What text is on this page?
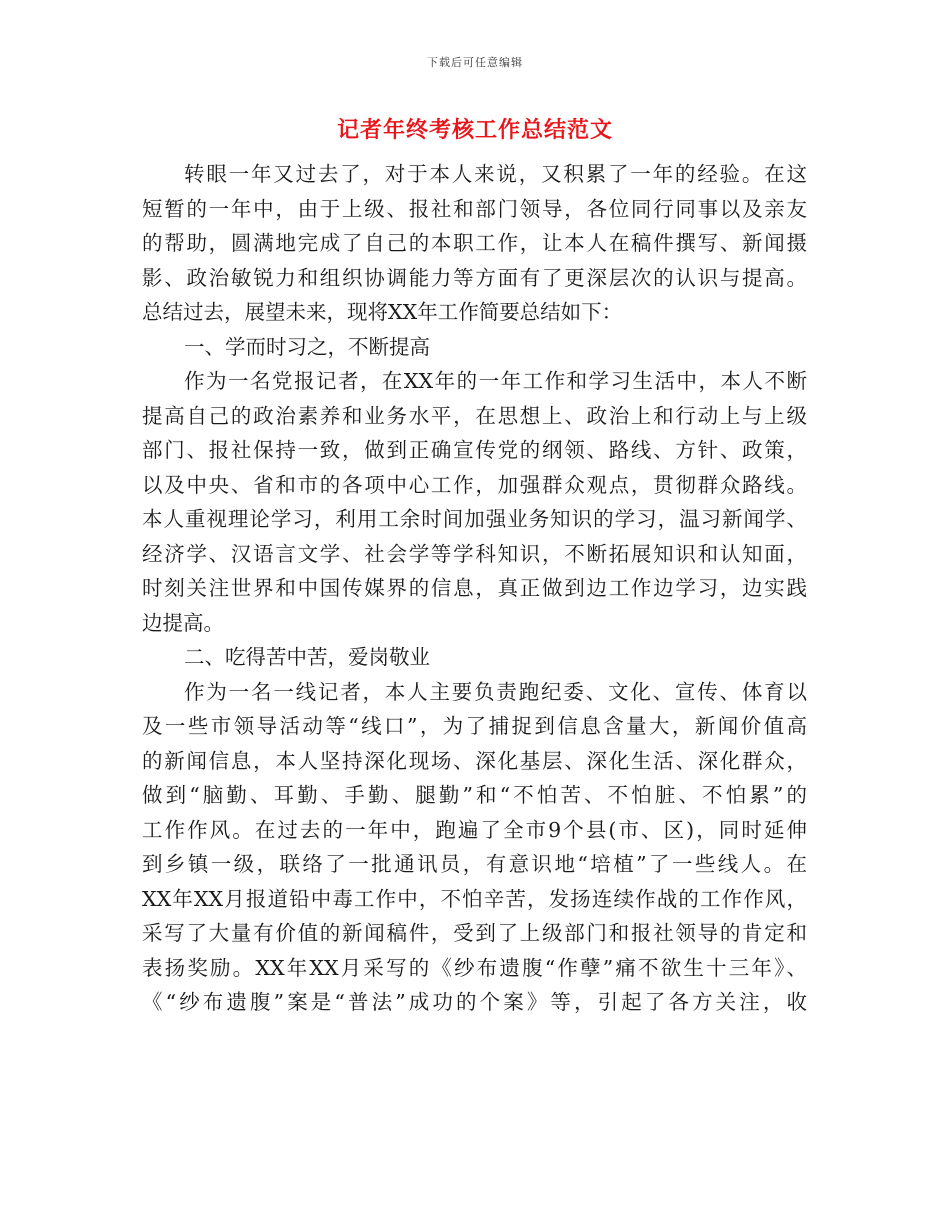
下载后可任意编辑
记者年终考核工作总结范文
转眼一年又过去了，对于本人来说，又积累了一年的经验。在这
短暂的一年中，由于上级、报社和部门领导，各位同行同事以及亲友
的帮助，圆满地完成了自己的本职工作，让本人在稿件撰写、新闻摄
影、政治敏锐力和组织协调能力等方面有了更深层次的认识与提高。
总结过去，展望未来，现将XX年工作简要总结如下：
一、学而时习之，不断提高
作为一名党报记者，在XX年的一年工作和学习生活中，本人不断
提高自己的政治素养和业务水平，在思想上、政治上和行动上与上级
部门、报社保持一致，做到正确宣传党的纲领、路线、方针、政策，
以及中央、省和市的各项中心工作，加强群众观点，贯彻群众路线。
本人重视理论学习，利用工余时间加强业务知识的学习，温习新闻学、
经济学、汉语言文学、社会学等学科知识，不断拓展知识和认知面，
时刻关注世界和中国传媒界的信息，真正做到边工作边学习，边实践
边提高。
二、吃得苦中苦，爱岗敬业
作为一名一线记者，本人主要负责跑纪委、文化、宣传、体育以
及一些市领导活动等“线口”，为了捕捉到信息含量大，新闻价值高
的新闻信息，本人坚持深化现场、深化基层、深化生活、深化群众，
做到“脑勤、耳勤、手勤、腿勤”和“不怕苦、不怕脏、不怕累”的
工作作风。在过去的一年中，跑遍了全市9个县(市、区)，同时延伸
到乡镇一级，联络了一批通讯员，有意识地“培植”了一些线人。在
XX年XX月报道铅中毒工作中，不怕辛苦，发扬连续作战的工作作风，
采写了大量有价值的新闻稿件，受到了上级部门和报社领导的肯定和
表扬奖励。XX年XX月采写的《纱布遗腹“作孽”痛不欲生十三年》、
《“纱布遗腹”案是“普法”成功的个案》等，引起了各方关注，收
